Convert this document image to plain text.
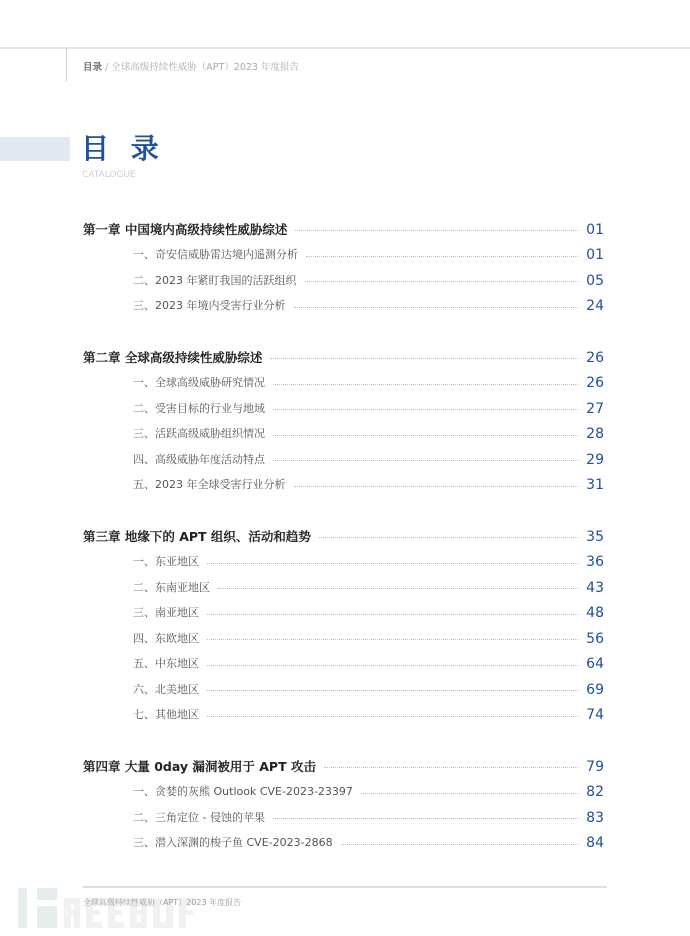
目录 / 全球高级持续性威胁（APT）2023 年度报告
目 录
CATALOGUE
第一章 中国境内高级持续性威胁综述	01
一、奇安信威胁雷达境内遥测分析	01
二、2023 年紧盯我国的活跃组织	05
三、2023 年境内受害行业分析	24
第二章 全球高级持续性威胁综述	26
一、全球高级威胁研究情况	26
二、受害目标的行业与地域	27
三、活跃高级威胁组织情况	28
四、高级威胁年度活动特点	29
五、2023 年全球受害行业分析	31
第三章 地缘下的 APT 组织、活动和趋势	35
一、东亚地区	36
二、东南亚地区	43
三、南亚地区	48
四、东欧地区	56
五、中东地区	64
六、北美地区	69
七、其他地区	74
第四章 大量 0day 漏洞被用于 APT 攻击	79
一、贪婪的灰熊 Outlook CVE-2023-23397	82
二、三角定位 - 侵蚀的苹果	83
三、潜入深渊的梭子鱼 CVE-2023-2868	84
全球高级持续性威胁（APT）2023 年度报告
